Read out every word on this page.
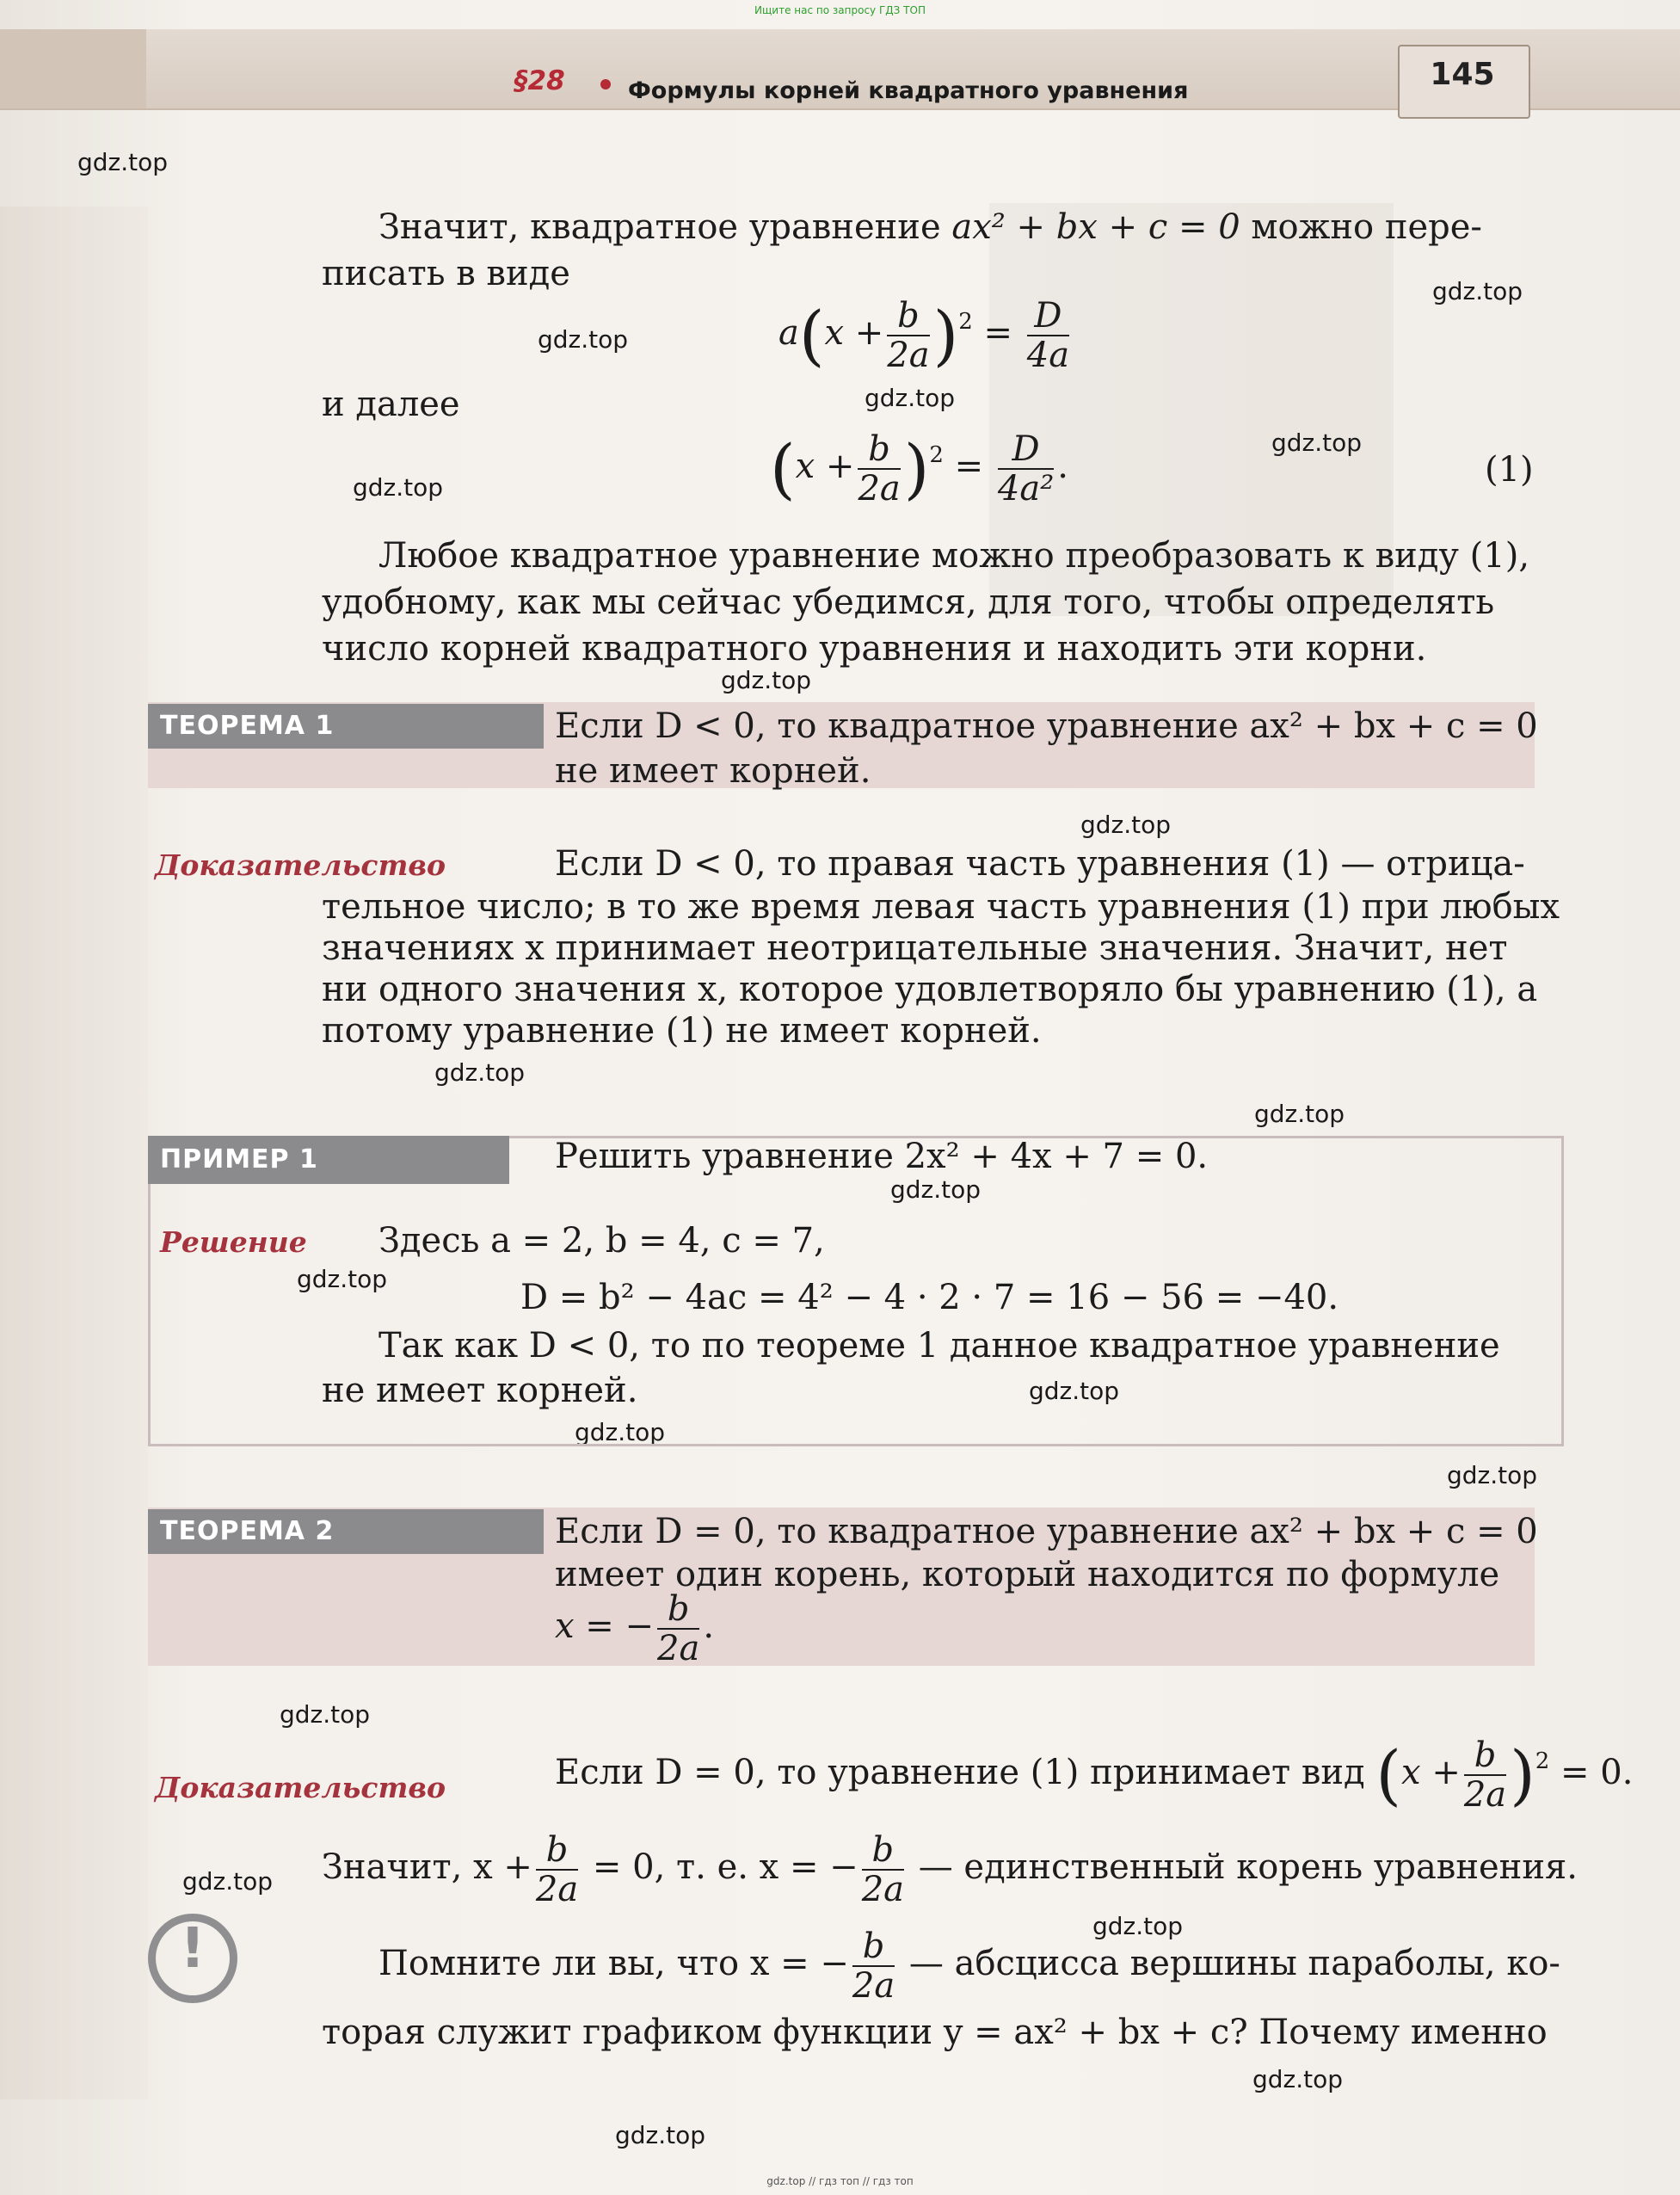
Ищите нас по запросу ГДЗ ТОП
§28	Формулы корней квадратного уравнения	145
gdz.top
gdz.top
gdz.top
gdz.top
gdz.top
gdz.top
gdz.top
gdz.top
gdz.top
gdz.top
gdz.top
gdz.top
gdz.top
gdz.top
gdz.top
gdz.top
gdz.top
gdz.top
gdz.top
gdz.top
Значит, квадратное уравнение ax² + bx + c = 0 можно пере-
писать в виде
$a(x + \frac{b}{2a} )^2 = \frac{D}{4a}$
и далее
$(x + \frac{b}{2a} )^2 = \frac{D}{\text{4a²}}$ .	(1)
Любое квадратное уравнение можно преобразовать к виду (1),
удобному, как мы сейчас убедимся, для того, чтобы определять
число корней квадратного уравнения и находить эти корни.
ТЕОРЕМА 1	Если D < 0, то квадратное уравнение ax² + bx + c = 0
не имеет корней.
Доказательство	Если D < 0, то правая часть уравнения (1) — отрица-
тельное число; в то же время левая часть уравнения (1) при любых
значениях x принимает неотрицательные значения. Значит, нет
ни одного значения x, которое удовлетворяло бы уравнению (1), а
потому уравнение (1) не имеет корней.
ПРИМЕР 1	Решить уравнение 2x² + 4x + 7 = 0.
Решение Здесь a = 2, b = 4, c = 7,
D = b² − 4ac = 4² − 4 · 2 · 7 = 16 − 56 = −40.
Так как D < 0, то по теореме 1 данное квадратное уравнение
не имеет корней.
ТЕОРЕМА 2	Если D = 0, то квадратное уравнение ax² + bx + c = 0
имеет один корень, который находится по формуле
x = − $\frac{b}{2a}$ .
Доказательство	Если D = 0, то уравнение (1) принимает вид $(x + \frac{b}{2a} )^2 = 0$.
Значит, $x + \frac{b}{2a} = 0$, т. е. x = − $\frac{b}{2a}$ — единственный корень уравнения.
!	Помните ли вы, что x = − $\frac{b}{2a}$ — абсцисса вершины параболы, ко-
торая служит графиком функции y = ax² + bx + c? Почему именно
gdz.top // гдз топ // гдз топ
